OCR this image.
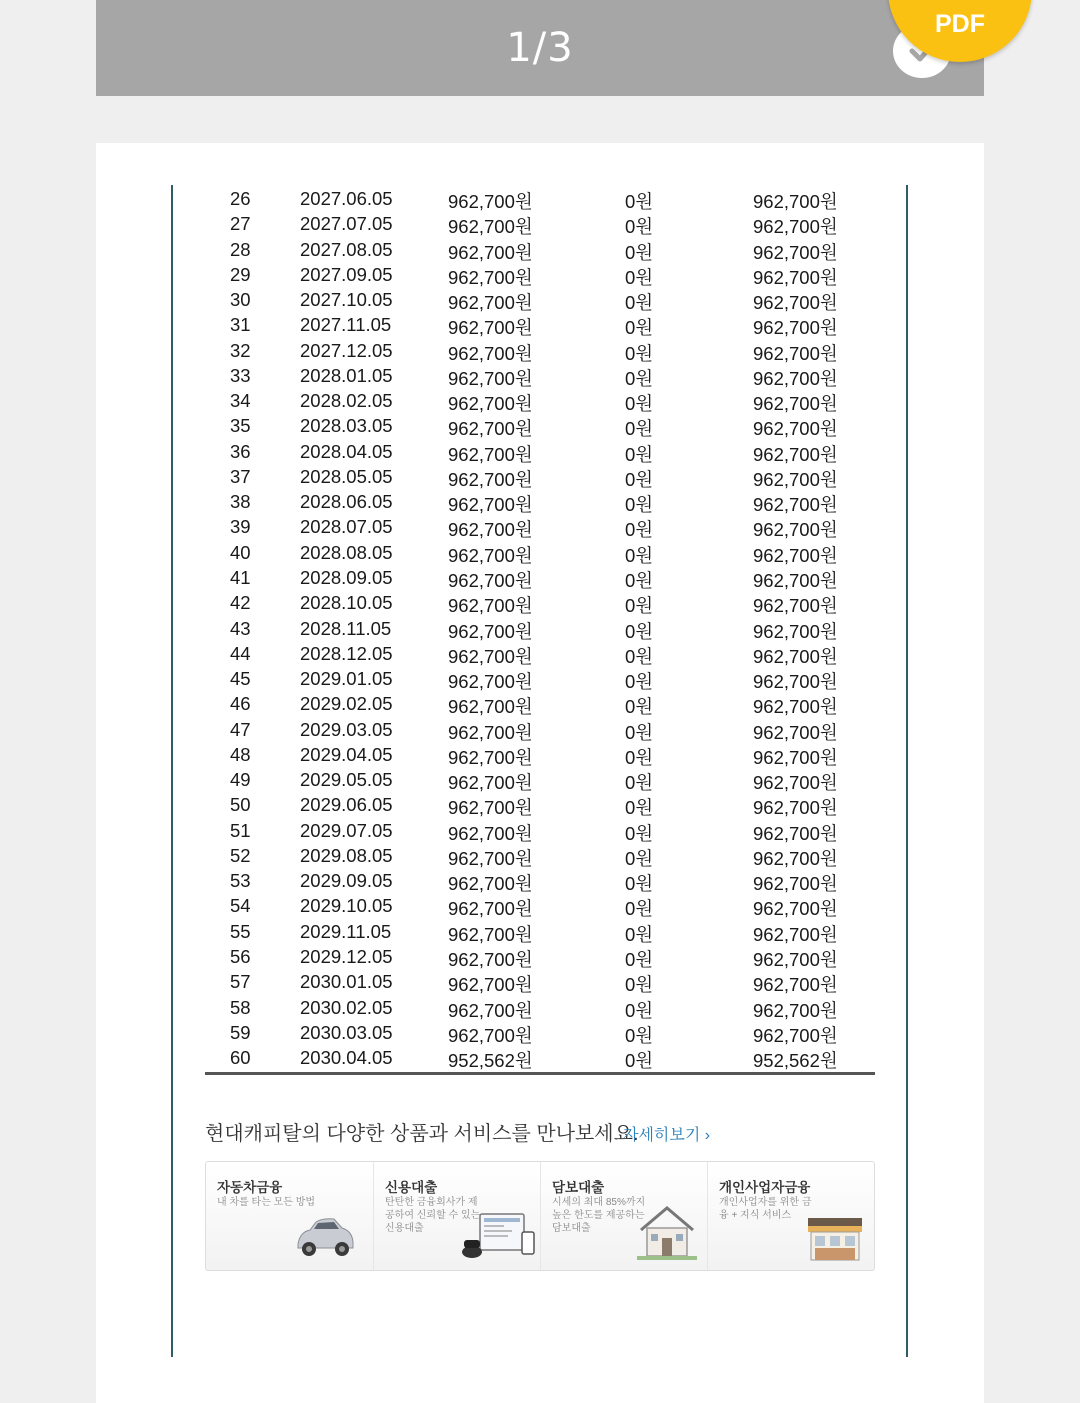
1/3
PDF
26	2027.06.05	962,700원	0원	962,700원
27	2027.07.05	962,700원	0원	962,700원
28	2027.08.05	962,700원	0원	962,700원
29	2027.09.05	962,700원	0원	962,700원
30	2027.10.05	962,700원	0원	962,700원
31	2027.11.05	962,700원	0원	962,700원
32	2027.12.05	962,700원	0원	962,700원
33	2028.01.05	962,700원	0원	962,700원
34	2028.02.05	962,700원	0원	962,700원
35	2028.03.05	962,700원	0원	962,700원
36	2028.04.05	962,700원	0원	962,700원
37	2028.05.05	962,700원	0원	962,700원
38	2028.06.05	962,700원	0원	962,700원
39	2028.07.05	962,700원	0원	962,700원
40	2028.08.05	962,700원	0원	962,700원
41	2028.09.05	962,700원	0원	962,700원
42	2028.10.05	962,700원	0원	962,700원
43	2028.11.05	962,700원	0원	962,700원
44	2028.12.05	962,700원	0원	962,700원
45	2029.01.05	962,700원	0원	962,700원
46	2029.02.05	962,700원	0원	962,700원
47	2029.03.05	962,700원	0원	962,700원
48	2029.04.05	962,700원	0원	962,700원
49	2029.05.05	962,700원	0원	962,700원
50	2029.06.05	962,700원	0원	962,700원
51	2029.07.05	962,700원	0원	962,700원
52	2029.08.05	962,700원	0원	962,700원
53	2029.09.05	962,700원	0원	962,700원
54	2029.10.05	962,700원	0원	962,700원
55	2029.11.05	962,700원	0원	962,700원
56	2029.12.05	962,700원	0원	962,700원
57	2030.01.05	962,700원	0원	962,700원
58	2030.02.05	962,700원	0원	962,700원
59	2030.03.05	962,700원	0원	962,700원
60	2030.04.05	952,562원	0원	952,562원
현대캐피탈의 다양한 상품과 서비스를 만나보세요.
자세히보기 ›
자동차금융
내 차를 타는 모든 방법
신용대출
탄탄한 금융회사가 제공하여 신뢰할 수 있는 신용대출
담보대출
시세의 최대 85%까지 높은 한도를 제공하는 담보대출
개인사업자금융
개인사업자를 위한 금융 + 지식 서비스
